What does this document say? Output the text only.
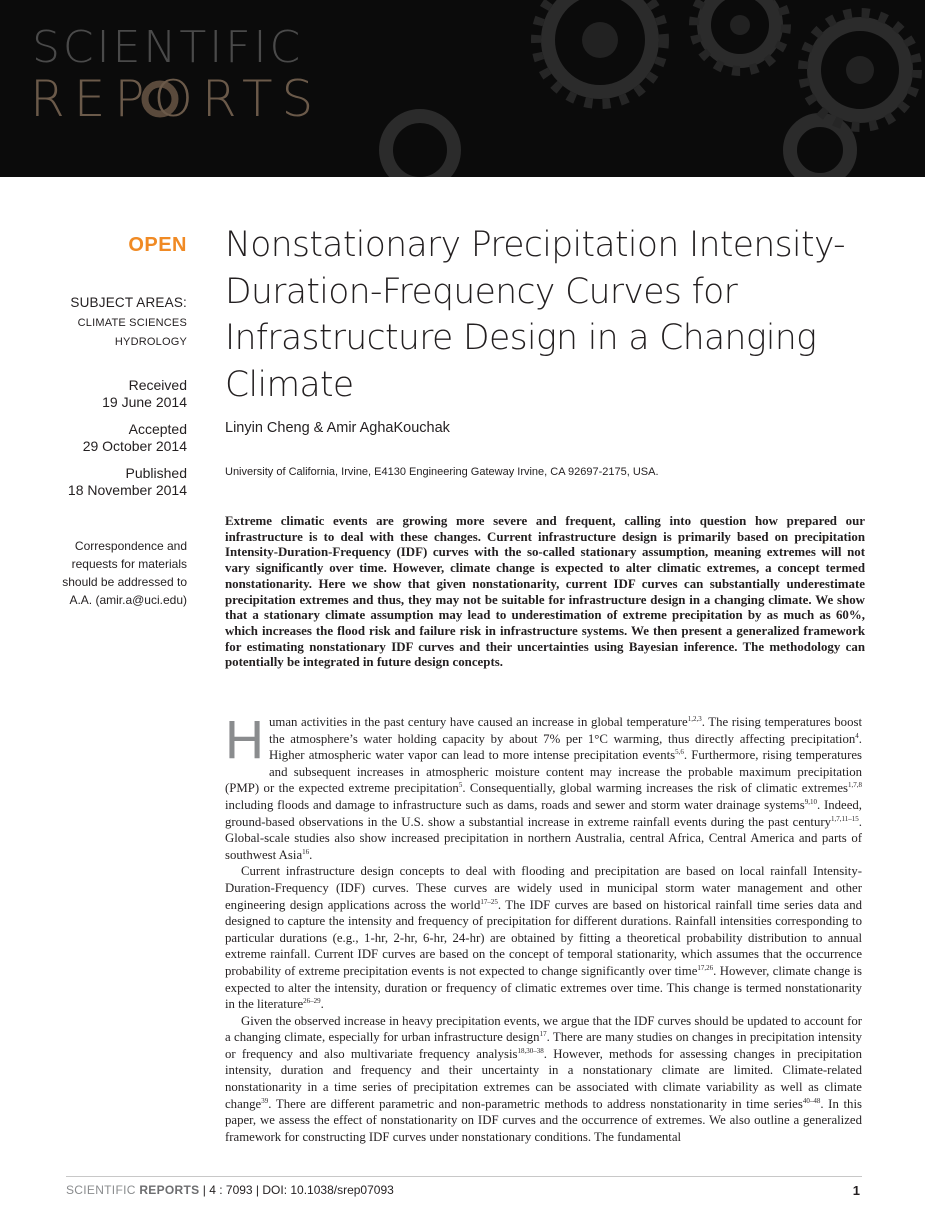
SCIENTIFIC
REPORTS
OPEN
SUBJECT AREAS:
CLIMATE SCIENCES
HYDROLOGY
Received
19 June 2014
Accepted
29 October 2014
Published
18 November 2014
Correspondence and
requests for materials
should be addressed to
A.A. (amir.a@uci.edu)
Nonstationary Precipitation Intensity-Duration-Frequency Curves for Infrastructure Design in a Changing Climate
Linyin Cheng & Amir AghaKouchak
University of California, Irvine, E4130 Engineering Gateway Irvine, CA 92697-2175, USA.
Extreme climatic events are growing more severe and frequent, calling into question how prepared our infrastructure is to deal with these changes. Current infrastructure design is primarily based on precipitation Intensity-Duration-Frequency (IDF) curves with the so-called stationary assumption, meaning extremes will not vary significantly over time. However, climate change is expected to alter climatic extremes, a concept termed nonstationarity. Here we show that given nonstationarity, current IDF curves can substantially underestimate precipitation extremes and thus, they may not be suitable for infrastructure design in a changing climate. We show that a stationary climate assumption may lead to underestimation of extreme precipitation by as much as 60%, which increases the flood risk and failure risk in infrastructure systems. We then present a generalized framework for estimating nonstationary IDF curves and their uncertainties using Bayesian inference. The methodology can potentially be integrated in future design concepts.

Human activities in the past century have caused an increase in global temperature$^{1,2,3}$. The rising temperatures boost the atmosphere’s water holding capacity by about 7% per 1°C warming, thus directly affecting precipitation$^4$. Higher atmospheric water vapor can lead to more intense precipitation events$^{5,6}$. Furthermore, rising temperatures and subsequent increases in atmospheric moisture content may increase the probable maximum precipitation (PMP) or the expected extreme precipitation$^5$. Consequentially, global warming increases the risk of climatic extremes$^{1,7,8}$ including floods and damage to infrastructure such as dams, roads and sewer and storm water drainage systems$^{9,10}$. Indeed, ground-based observations in the U.S. show a substantial increase in extreme rainfall events during the past century$^{1,7,11-15}$. Global-scale studies also show increased precipitation in northern Australia, central Africa, Central America and parts of southwest Asia$^{16}$.

Current infrastructure design concepts to deal with flooding and precipitation are based on local rainfall Intensity-Duration-Frequency (IDF) curves. These curves are widely used in municipal storm water management and other engineering design applications across the world$^{17-25}$. The IDF curves are based on historical rainfall time series data and designed to capture the intensity and frequency of precipitation for different durations. Rainfall intensities corresponding to particular durations (e.g., 1-hr, 2-hr, 6-hr, 24-hr) are obtained by fitting a theoretical probability distribution to annual extreme rainfall. Current IDF curves are based on the concept of temporal stationarity, which assumes that the occurrence probability of extreme precipitation events is not expected to change significantly over time$^{17,26}$. However, climate change is expected to alter the intensity, duration or frequency of climatic extremes over time. This change is termed nonstationarity in the literature$^{26-29}$.

Given the observed increase in heavy precipitation events, we argue that the IDF curves should be updated to account for a changing climate, especially for urban infrastructure design$^{17}$. There are many studies on changes in precipitation intensity or frequency and also multivariate frequency analysis$^{18,30-38}$. However, methods for assessing changes in precipitation intensity, duration and frequency and their uncertainty in a nonstationary climate are limited. Climate-related nonstationarity in a time series of precipitation extremes can be associated with climate variability as well as climate change$^{39}$. There are different parametric and non-parametric methods to address nonstationarity in time series$^{40-48}$. In this paper, we assess the effect of nonstationarity on IDF curves and the occurrence of extremes. We also outline a generalized framework for constructing IDF curves under nonstationary conditions. The fundamental

SCIENTIFIC REPORTS | 4 : 7093 | DOI: 10.1038/srep07093	1
